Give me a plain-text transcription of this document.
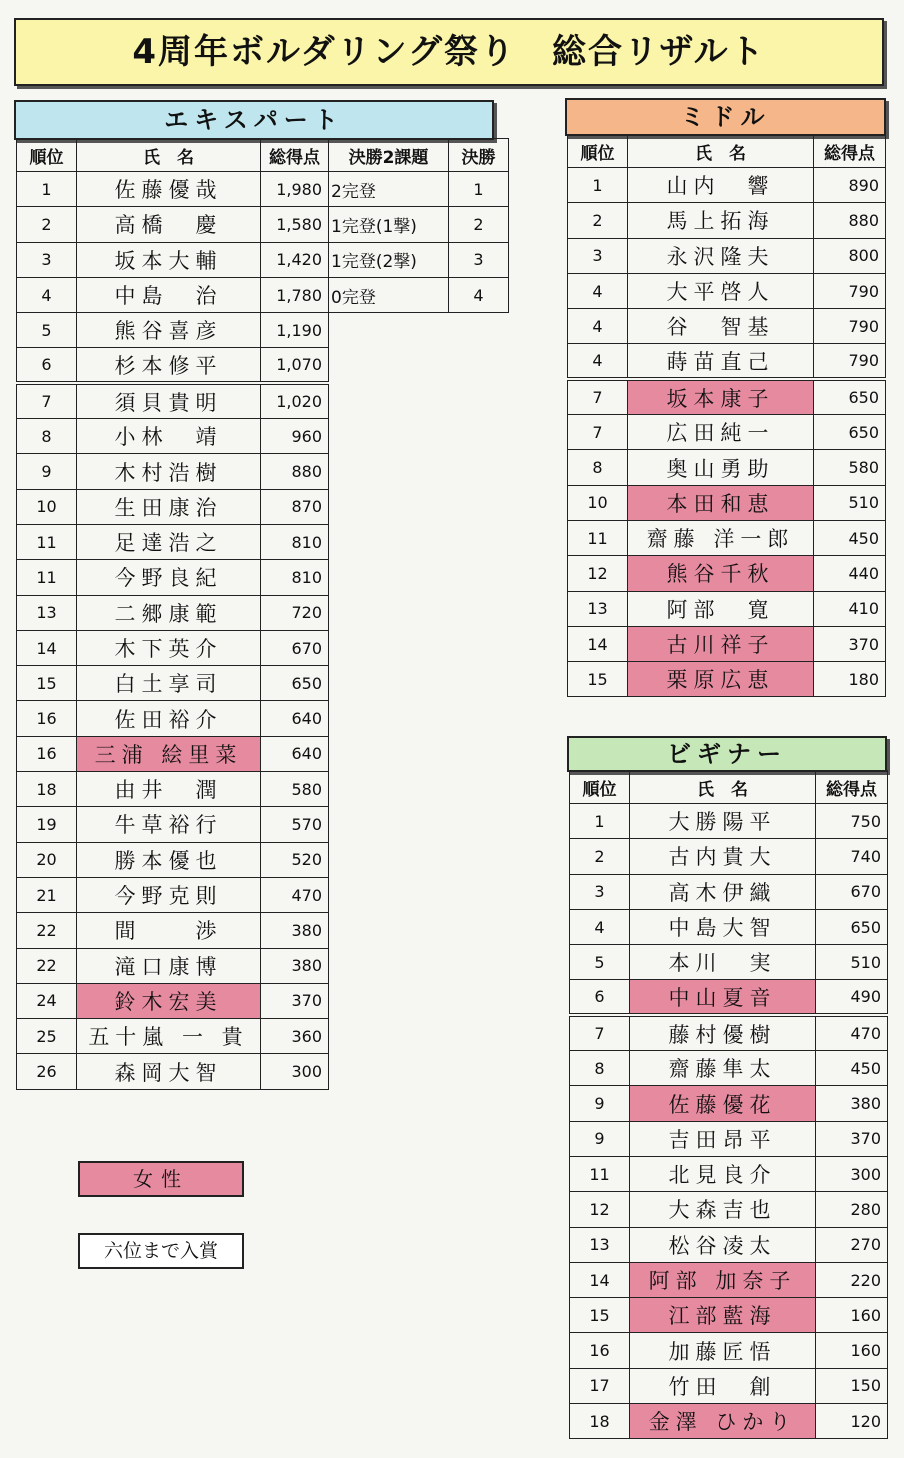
4周年ボルダリング祭り　総合リザルト
エキスパート
順位	氏　名	総得点	決勝2課題	決勝
1	佐藤優哉	1,980	2完登	1
2	高橋　慶	1,580	1完登(1撃)	2
3	坂本大輔	1,420	1完登(2撃)	3
4	中島　治	1,780	0完登	4
5	熊谷喜彦	1,190		
6	杉本修平	1,070		
7	須貝貴明	1,020		
8	小林　靖	960		
9	木村浩樹	880		
10	生田康治	870		
11	足達浩之	810		
11	今野良紀	810		
13	二郷康範	720		
14	木下英介	670		
15	白土享司	650		
16	佐田裕介	640		
16	三浦 絵里菜	640		
18	由井　潤	580		
19	牛草裕行	570		
20	勝本優也	520		
21	今野克則	470		
22	間　　渉	380		
22	滝口康博	380		
24	鈴木宏美	370		
25	五十嵐 一 貴	360		
26	森岡大智	300		
ミドル
順位	氏　名	総得点
1	山内　響	890
2	馬上拓海	880
3	永沢隆夫	800
4	大平啓人	790
4	谷　智基	790
4	蒔苗直己	790
7	坂本康子	650
7	広田純一	650
8	奥山勇助	580
10	本田和恵	510
11	齋藤 洋一郎	450
12	熊谷千秋	440
13	阿部　寛	410
14	古川祥子	370
15	栗原広恵	180
ビギナー
順位	氏　名	総得点
1	大勝陽平	750
2	古内貴大	740
3	高木伊織	670
4	中島大智	650
5	本川　実	510
6	中山夏音	490
7	藤村優樹	470
8	齋藤隼太	450
9	佐藤優花	380
9	吉田昂平	370
11	北見良介	300
12	大森吉也	280
13	松谷凌太	270
14	阿部 加奈子	220
15	江部藍海	160
16	加藤匠悟	160
17	竹田　創	150
18	金澤 ひかり	120
女性
六位まで入賞
